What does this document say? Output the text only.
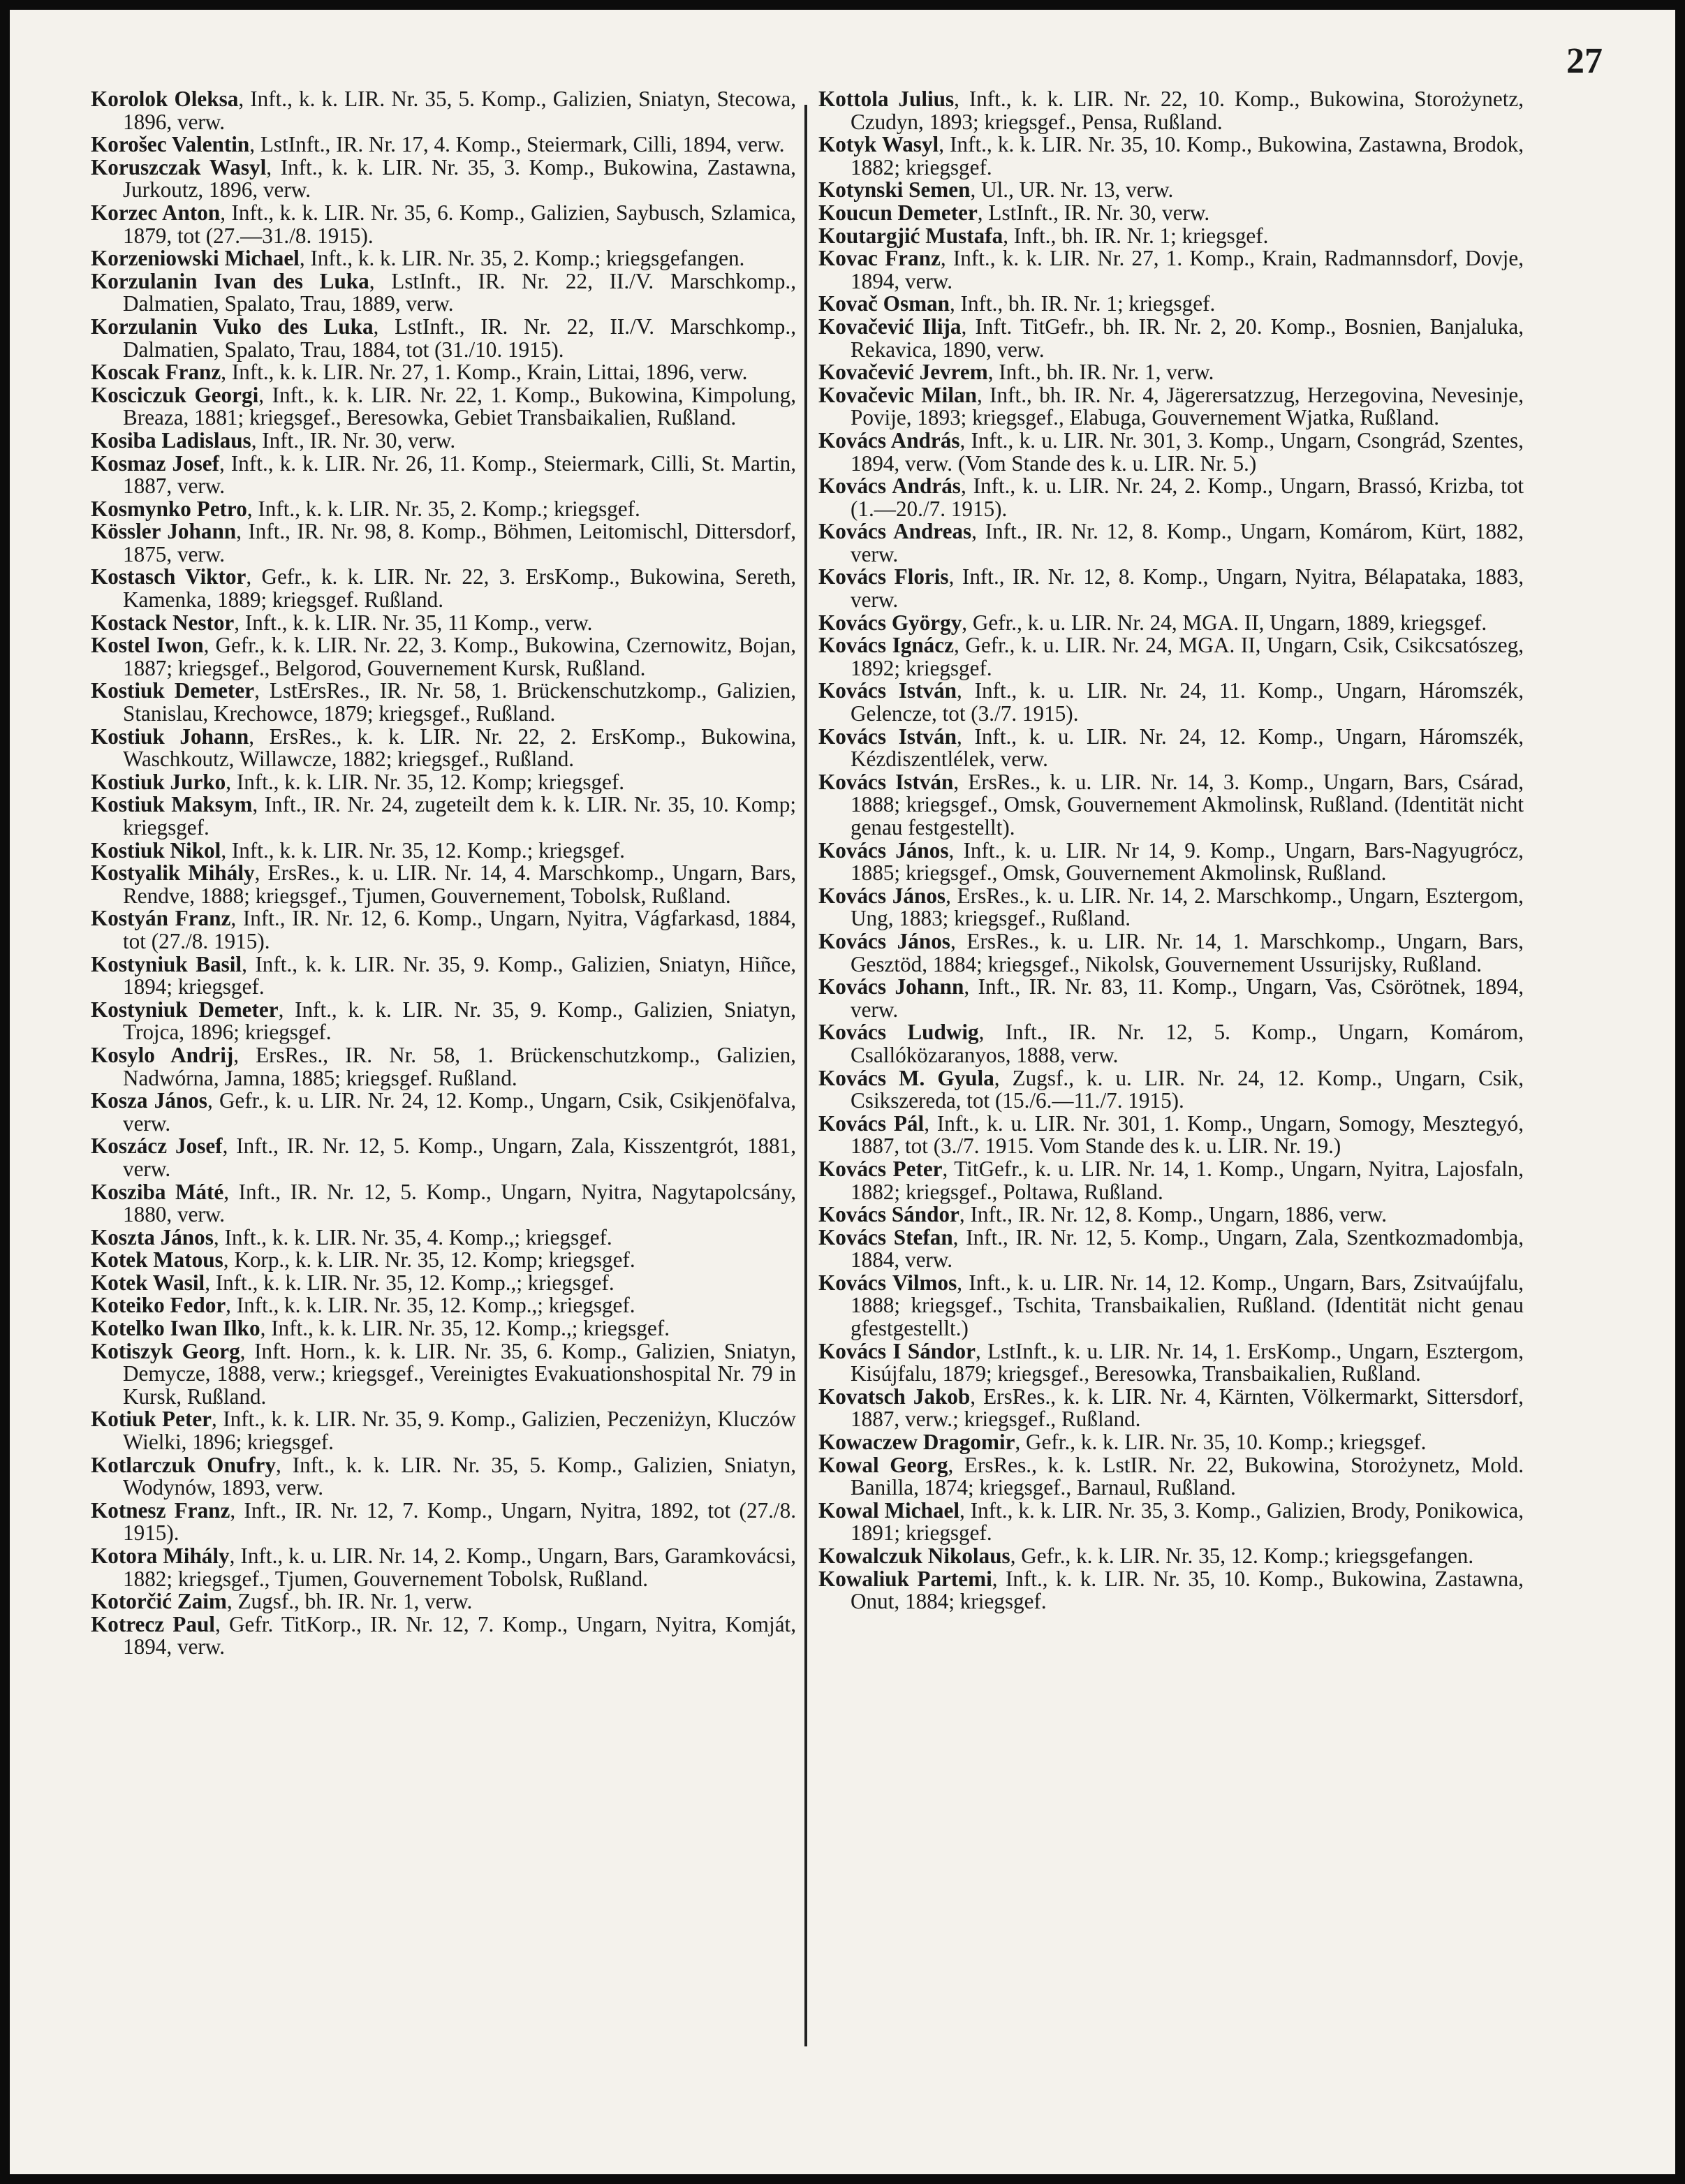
27

Korolok Oleksa, Inft., k. k. LIR. Nr. 35, 5. Komp., Galizien, Sniatyn, Stecowa, 1896, verw.

Korošec Valentin, LstInft., IR. Nr. 17, 4. Komp., Steiermark, Cilli, 1894, verw.

Koruszczak Wasyl, Inft., k. k. LIR. Nr. 35, 3. Komp., Bukowina, Zastawna, Jurkoutz, 1896, verw.

Korzec Anton, Inft., k. k. LIR. Nr. 35, 6. Komp., Galizien, Saybusch, Szlamica, 1879, tot (27.—31./8. 1915).

Korzeniowski Michael, Inft., k. k. LIR. Nr. 35, 2. Komp.; kriegsgefangen.

Korzulanin Ivan des Luka, LstInft., IR. Nr. 22, II./V. Marschkomp., Dalmatien, Spalato, Trau, 1889, verw.

Korzulanin Vuko des Luka, LstInft., IR. Nr. 22, II./V. Marschkomp., Dalmatien, Spalato, Trau, 1884, tot (31./10. 1915).

Koscak Franz, Inft., k. k. LIR. Nr. 27, 1. Komp., Krain, Littai, 1896, verw.

Kosciczuk Georgi, Inft., k. k. LIR. Nr. 22, 1. Komp., Bukowina, Kimpolung, Breaza, 1881; kriegsgef., Beresowka, Gebiet Transbaikalien, Rußland.

Kosiba Ladislaus, Inft., IR. Nr. 30, verw.

Kosmaz Josef, Inft., k. k. LIR. Nr. 26, 11. Komp., Steiermark, Cilli, St. Martin, 1887, verw.

Kosmynko Petro, Inft., k. k. LIR. Nr. 35, 2. Komp.; kriegsgef.

Kössler Johann, Inft., IR. Nr. 98, 8. Komp., Böhmen, Leitomischl, Dittersdorf, 1875, verw.

Kostasch Viktor, Gefr., k. k. LIR. Nr. 22, 3. ErsKomp., Bukowina, Sereth, Kamenka, 1889; kriegsgef. Rußland.

Kostack Nestor, Inft., k. k. LIR. Nr. 35, 11 Komp., verw.

Kostel Iwon, Gefr., k. k. LIR. Nr. 22, 3. Komp., Bukowina, Czernowitz, Bojan, 1887; kriegsgef., Belgorod, Gouvernement Kursk, Rußland.

Kostiuk Demeter, LstErsRes., IR. Nr. 58, 1. Brückenschutzkomp., Galizien, Stanislau, Krechowce, 1879; kriegsgef., Rußland.

Kostiuk Johann, ErsRes., k. k. LIR. Nr. 22, 2. ErsKomp., Bukowina, Waschkoutz, Willawcze, 1882; kriegsgef., Rußland.

Kostiuk Jurko, Inft., k. k. LIR. Nr. 35, 12. Komp; kriegsgef.

Kostiuk Maksym, Inft., IR. Nr. 24, zugeteilt dem k. k. LIR. Nr. 35, 10. Komp; kriegsgef.

Kostiuk Nikol, Inft., k. k. LIR. Nr. 35, 12. Komp.; kriegsgef.

Kostyalik Mihály, ErsRes., k. u. LIR. Nr. 14, 4. Marschkomp., Ungarn, Bars, Rendve, 1888; kriegsgef., Tjumen, Gouvernement, Tobolsk, Rußland.

Kostyán Franz, Inft., IR. Nr. 12, 6. Komp., Ungarn, Nyitra, Vágfarkasd, 1884, tot (27./8. 1915).

Kostyniuk Basil, Inft., k. k. LIR. Nr. 35, 9. Komp., Galizien, Sniatyn, Hiñce, 1894; kriegsgef.

Kostyniuk Demeter, Inft., k. k. LIR. Nr. 35, 9. Komp., Galizien, Sniatyn, Trojca, 1896; kriegsgef.

Kosylo Andrij, ErsRes., IR. Nr. 58, 1. Brückenschutzkomp., Galizien, Nadwórna, Jamna, 1885; kriegsgef. Rußland.

Kosza János, Gefr., k. u. LIR. Nr. 24, 12. Komp., Ungarn, Csik, Csikjenöfalva, verw.

Koszácz Josef, Inft., IR. Nr. 12, 5. Komp., Ungarn, Zala, Kisszentgrót, 1881, verw.

Kosziba Máté, Inft., IR. Nr. 12, 5. Komp., Ungarn, Nyitra, Nagytapolcsány, 1880, verw.

Koszta János, Inft., k. k. LIR. Nr. 35, 4. Komp.,; kriegsgef.

Kotek Matous, Korp., k. k. LIR. Nr. 35, 12. Komp; kriegsgef.

Kotek Wasil, Inft., k. k. LIR. Nr. 35, 12. Komp.,; kriegsgef.

Koteiko Fedor, Inft., k. k. LIR. Nr. 35, 12. Komp.,; kriegsgef.

Kotelko Iwan Ilko, Inft., k. k. LIR. Nr. 35, 12. Komp.,; kriegsgef.

Kotiszyk Georg, Inft. Horn., k. k. LIR. Nr. 35, 6. Komp., Galizien, Sniatyn, Demycze, 1888, verw.; kriegsgef., Vereinigtes Evakuationshospital Nr. 79 in Kursk, Rußland.

Kotiuk Peter, Inft., k. k. LIR. Nr. 35, 9. Komp., Galizien, Peczeniżyn, Kluczów Wielki, 1896; kriegsgef.

Kotlarczuk Onufry, Inft., k. k. LIR. Nr. 35, 5. Komp., Galizien, Sniatyn, Wodynów, 1893, verw.

Kotnesz Franz, Inft., IR. Nr. 12, 7. Komp., Ungarn, Nyitra, 1892, tot (27./8. 1915).

Kotora Mihály, Inft., k. u. LIR. Nr. 14, 2. Komp., Ungarn, Bars, Garamkovácsi, 1882; kriegsgef., Tjumen, Gouvernement Tobolsk, Rußland.

Kotorčić Zaim, Zugsf., bh. IR. Nr. 1, verw.

Kotrecz Paul, Gefr. TitKorp., IR. Nr. 12, 7. Komp., Ungarn, Nyitra, Komját, 1894, verw.

Kottola Julius, Inft., k. k. LIR. Nr. 22, 10. Komp., Bukowina, Storożynetz, Czudyn, 1893; kriegsgef., Pensa, Rußland.

Kotyk Wasyl, Inft., k. k. LIR. Nr. 35, 10. Komp., Bukowina, Zastawna, Brodok, 1882; kriegsgef.

Kotynski Semen, Ul., UR. Nr. 13, verw.

Koucun Demeter, LstInft., IR. Nr. 30, verw.

Koutargjić Mustafa, Inft., bh. IR. Nr. 1; kriegsgef.

Kovac Franz, Inft., k. k. LIR. Nr. 27, 1. Komp., Krain, Radmannsdorf, Dovje, 1894, verw.

Kovač Osman, Inft., bh. IR. Nr. 1; kriegsgef.

Kovačević Ilija, Inft. TitGefr., bh. IR. Nr. 2, 20. Komp., Bosnien, Banjaluka, Rekavica, 1890, verw.

Kovačević Jevrem, Inft., bh. IR. Nr. 1, verw.

Kovačevic Milan, Inft., bh. IR. Nr. 4, Jägerersatzzug, Herzegovina, Nevesinje, Povije, 1893; kriegsgef., Elabuga, Gouvernement Wjatka, Rußland.

Kovács András, Inft., k. u. LIR. Nr. 301, 3. Komp., Ungarn, Csongrád, Szentes, 1894, verw. (Vom Stande des k. u. LIR. Nr. 5.)

Kovács András, Inft., k. u. LIR. Nr. 24, 2. Komp., Ungarn, Brassó, Krizba, tot (1.—20./7. 1915).

Kovács Andreas, Inft., IR. Nr. 12, 8. Komp., Ungarn, Komárom, Kürt, 1882, verw.

Kovács Floris, Inft., IR. Nr. 12, 8. Komp., Ungarn, Nyitra, Bélapataka, 1883, verw.

Kovács György, Gefr., k. u. LIR. Nr. 24, MGA. II, Ungarn, 1889, kriegsgef.

Kovács Ignácz, Gefr., k. u. LIR. Nr. 24, MGA. II, Ungarn, Csik, Csikcsatószeg, 1892; kriegsgef.

Kovács István, Inft., k. u. LIR. Nr. 24, 11. Komp., Ungarn, Háromszék, Gelencze, tot (3./7. 1915).

Kovács István, Inft., k. u. LIR. Nr. 24, 12. Komp., Ungarn, Háromszék, Kézdiszentlélek, verw.

Kovács István, ErsRes., k. u. LIR. Nr. 14, 3. Komp., Ungarn, Bars, Csárad, 1888; kriegsgef., Omsk, Gouvernement Akmolinsk, Rußland. (Identität nicht genau festgestellt).

Kovács János, Inft., k. u. LIR. Nr 14, 9. Komp., Ungarn, Bars-Nagyugrócz, 1885; kriegsgef., Omsk, Gouvernement Akmolinsk, Rußland.

Kovács János, ErsRes., k. u. LIR. Nr. 14, 2. Marschkomp., Ungarn, Esztergom, Ung, 1883; kriegsgef., Rußland.

Kovács János, ErsRes., k. u. LIR. Nr. 14, 1. Marschkomp., Ungarn, Bars, Gesztöd, 1884; kriegsgef., Nikolsk, Gouvernement Ussurijsky, Rußland.

Kovács Johann, Inft., IR. Nr. 83, 11. Komp., Ungarn, Vas, Csörötnek, 1894, verw.

Kovács Ludwig, Inft., IR. Nr. 12, 5. Komp., Ungarn, Komárom, Csallóközaranyos, 1888, verw.

Kovács M. Gyula, Zugsf., k. u. LIR. Nr. 24, 12. Komp., Ungarn, Csik, Csikszereda, tot (15./6.—11./7. 1915).

Kovács Pál, Inft., k. u. LIR. Nr. 301, 1. Komp., Ungarn, Somogy, Mesztegyó, 1887, tot (3./7. 1915. Vom Stande des k. u. LIR. Nr. 19.)

Kovács Peter, TitGefr., k. u. LIR. Nr. 14, 1. Komp., Ungarn, Nyitra, Lajosfaln, 1882; kriegsgef., Poltawa, Rußland.

Kovács Sándor, Inft., IR. Nr. 12, 8. Komp., Ungarn, 1886, verw.

Kovács Stefan, Inft., IR. Nr. 12, 5. Komp., Ungarn, Zala, Szentkozmadombja, 1884, verw.

Kovács Vilmos, Inft., k. u. LIR. Nr. 14, 12. Komp., Ungarn, Bars, Zsitvaújfalu, 1888; kriegsgef., Tschita, Transbaikalien, Rußland. (Identität nicht genau gfestgestellt.)

Kovács I Sándor, LstInft., k. u. LIR. Nr. 14, 1. ErsKomp., Ungarn, Esztergom, Kisújfalu, 1879; kriegsgef., Beresowka, Transbaikalien, Rußland.

Kovatsch Jakob, ErsRes., k. k. LIR. Nr. 4, Kärnten, Völkermarkt, Sittersdorf, 1887, verw.; kriegsgef., Rußland.

Kowaczew Dragomir, Gefr., k. k. LIR. Nr. 35, 10. Komp.; kriegsgef.

Kowal Georg, ErsRes., k. k. LstIR. Nr. 22, Bukowina, Storożynetz, Mold. Banilla, 1874; kriegsgef., Barnaul, Rußland.

Kowal Michael, Inft., k. k. LIR. Nr. 35, 3. Komp., Galizien, Brody, Ponikowica, 1891; kriegsgef.

Kowalczuk Nikolaus, Gefr., k. k. LIR. Nr. 35, 12. Komp.; kriegsgefangen.

Kowaliuk Partemi, Inft., k. k. LIR. Nr. 35, 10. Komp., Bukowina, Zastawna, Onut, 1884; kriegsgef.
